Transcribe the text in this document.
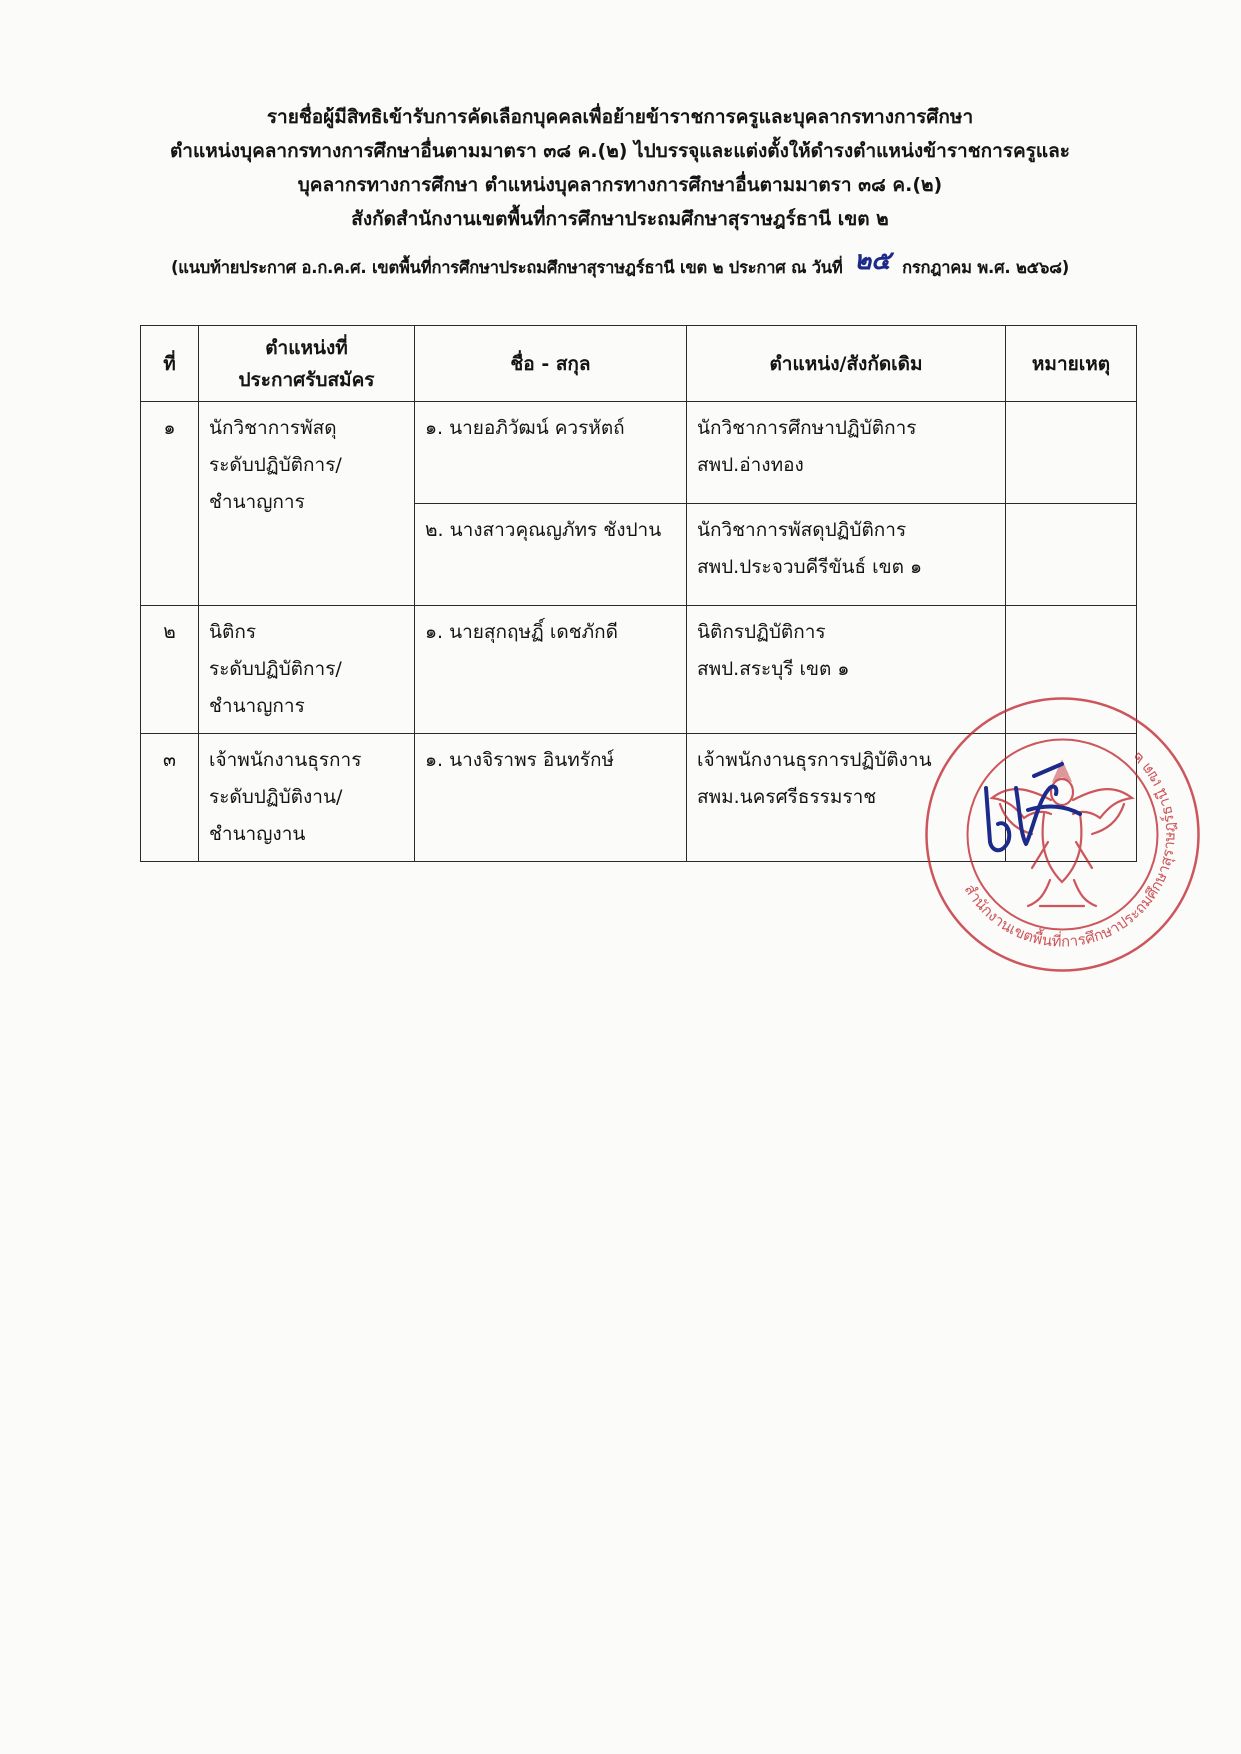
รายชื่อผู้มีสิทธิเข้ารับการคัดเลือกบุคคลเพื่อย้ายข้าราชการครูและบุคลากรทางการศึกษา
ตำแหน่งบุคลากรทางการศึกษาอื่นตามมาตรา ๓๘ ค.(๒) ไปบรรจุและแต่งตั้งให้ดำรงตำแหน่งข้าราชการครูและ
บุคลากรทางการศึกษา ตำแหน่งบุคลากรทางการศึกษาอื่นตามมาตรา ๓๘ ค.(๒)
สังกัดสำนักงานเขตพื้นที่การศึกษาประถมศึกษาสุราษฎร์ธานี เขต ๒
(แนบท้ายประกาศ อ.ก.ค.ศ. เขตพื้นที่การศึกษาประถมศึกษาสุราษฎร์ธานี เขต ๒ ประกาศ ณ วันที่ ๒๕ กรกฎาคม พ.ศ. ๒๕๖๘)
ที่	ตำแหน่งที่
ประกาศรับสมัคร	ชื่อ - สกุล	ตำแหน่ง/สังกัดเดิม	หมายเหตุ
๑	นักวิชาการพัสดุ
ระดับปฏิบัติการ/
ชำนาญการ	๑. นายอภิวัฒน์ ควรหัตถ์	นักวิชาการศึกษาปฏิบัติการ
สพป.อ่างทอง	

		๒. นางสาวคุณญภัทร ชังปาน	นักวิชาการพัสดุปฏิบัติการ
สพป.ประจวบคีรีขันธ์ เขต ๑	

๒	นิติกร
ระดับปฏิบัติการ/
ชำนาญการ	๑. นายสุกฤษฏิ์ เดชภักดี	นิติกรปฏิบัติการ
สพป.สระบุรี เขต ๑	

๓	เจ้าพนักงานธุรการ
ระดับปฏิบัติงาน/
ชำนาญงาน	๑. นางจิราพร อินทรักษ์	เจ้าพนักงานธุรการปฏิบัติงาน
สพม.นครศรีธรรมราช	

สำนักงานเขตพื้นที่การศึกษาประถมศึกษาสุราษฎร์ธานี เขต ๒
